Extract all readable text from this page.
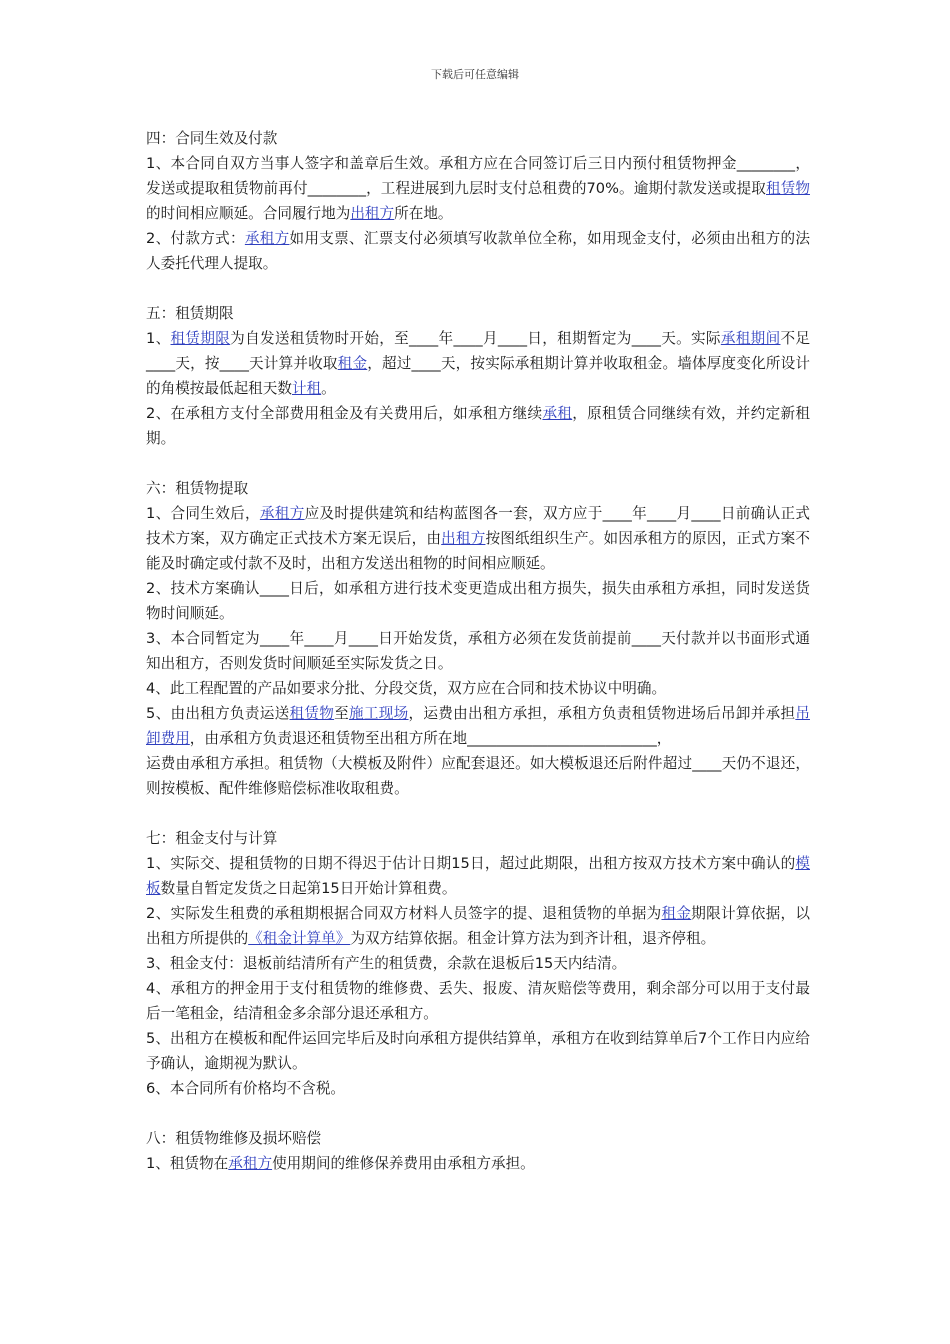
下载后可任意编辑

四：合同生效及付款

1、本合同自双方当事人签字和盖章后生效。承租方应在合同签订后三日内预付租赁物押金________，发送或提取租赁物前再付________，工程进展到九层时支付总租费的70%。逾期付款发送或提取租赁物的时间相应顺延。合同履行地为出租方所在地。

2、付款方式：承租方如用支票、汇票支付必须填写收款单位全称，如用现金支付，必须由出租方的法人委托代理人提取。

五：租赁期限

1、租赁期限为自发送租赁物时开始，至____年____月____日，租期暂定为____天。实际承租期间不足____天，按____天计算并收取租金，超过____天，按实际承租期计算并收取租金。墙体厚度变化所设计的角模按最低起租天数计租。

2、在承租方支付全部费用租金及有关费用后，如承租方继续承租，原租赁合同继续有效，并约定新租期。

六：租赁物提取

1、合同生效后，承租方应及时提供建筑和结构蓝图各一套，双方应于____年____月____日前确认正式技术方案，双方确定正式技术方案无误后，由出租方按图纸组织生产。如因承租方的原因，正式方案不能及时确定或付款不及时，出租方发送出租物的时间相应顺延。

2、技术方案确认____日后，如承租方进行技术变更造成出租方损失，损失由承租方承担，同时发送货物时间顺延。

3、本合同暂定为____年____月____日开始发货，承租方必须在发货前提前____天付款并以书面形式通知出租方，否则发货时间顺延至实际发货之日。

4、此工程配置的产品如要求分批、分段交货，双方应在合同和技术协议中明确。

5、由出租方负责运送租赁物至施工现场，运费由出租方承担，承租方负责租赁物进场后吊卸并承担吊卸费用，由承租方负责退还租赁物至出租方所在地__________________________，

运费由承租方承担。租赁物（大模板及附件）应配套退还。如大模板退还后附件超过____天仍不退还，则按模板、配件维修赔偿标准收取租费。

七：租金支付与计算

1、实际交、提租赁物的日期不得迟于估计日期15日，超过此期限，出租方按双方技术方案中确认的模板数量自暂定发货之日起第15日开始计算租费。

2、实际发生租费的承租期根据合同双方材料人员签字的提、退租赁物的单据为租金期限计算依据，以出租方所提供的《租金计算单》为双方结算依据。租金计算方法为到齐计租，退齐停租。

3、租金支付：退板前结清所有产生的租赁费，余款在退板后15天内结清。

4、承租方的押金用于支付租赁物的维修费、丢失、报废、清灰赔偿等费用，剩余部分可以用于支付最后一笔租金，结清租金多余部分退还承租方。

5、出租方在模板和配件运回完毕后及时向承租方提供结算单，承租方在收到结算单后7个工作日内应给予确认，逾期视为默认。

6、本合同所有价格均不含税。

八：租赁物维修及损坏赔偿

1、租赁物在承租方使用期间的维修保养费用由承租方承担。
